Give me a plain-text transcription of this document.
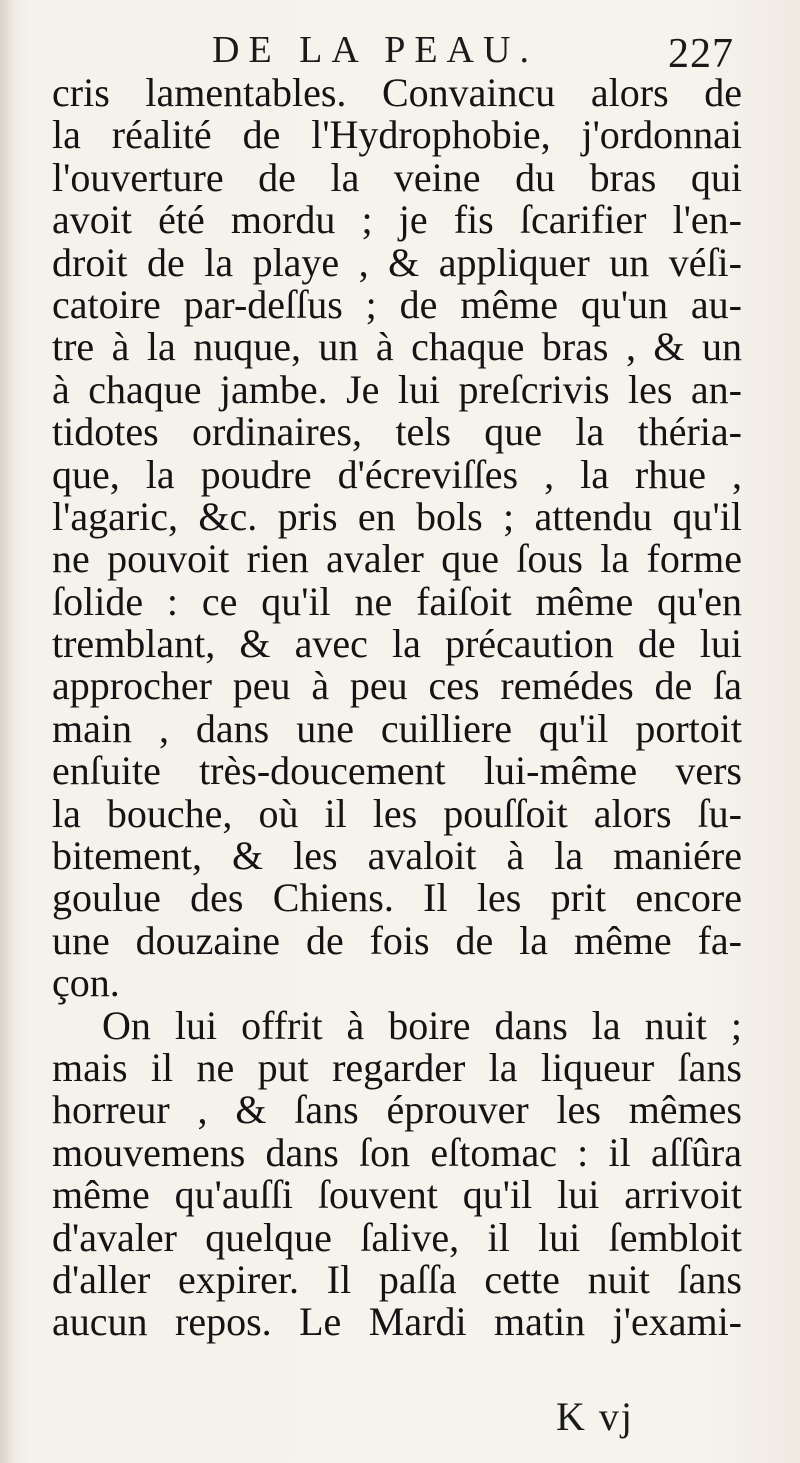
DE LA PEAU.	227
cris lamentables. Convaincu alors de
la réalité de l'Hydrophobie, j'ordonnai
l'ouverture de la veine du bras qui
avoit été mordu ; je fis ſcarifier l'en-
droit de la playe , & appliquer un véſi-
catoire par-deſſus ; de même qu'un au-
tre à la nuque, un à chaque bras , & un
à chaque jambe. Je lui preſcrivis les an-
tidotes ordinaires, tels que la thériа-
que, la poudre d'écreviſſes , la rhue ,
l'agaric, &c. pris en bols ; attendu qu'il
ne pouvoit rien avaler que ſous la forme
ſolide : ce qu'il ne faiſoit même qu'en
tremblant, & avec la précaution de lui
approcher peu à peu ces remédes de ſa
main , dans une cuilliere qu'il portoit
enſuite très-doucement lui-même vers
la bouche, où il les pouſſoit alors ſu-
bitement, & les avaloit à la maniére
goulue des Chiens. Il les prit encore
une douzaine de fois de la même fa-
çon.
On lui offrit à boire dans la nuit ;
mais il ne put regarder la liqueur ſans
horreur , & ſans éprouver les mêmes
mouvemens dans ſon eſtomac : il aſſûra
même qu'auſſi ſouvent qu'il lui arrivoit
d'avaler quelque ſalive, il lui ſembloit
d'aller expirer. Il paſſa cette nuit ſans
aucun repos. Le Mardi matin j'exami-
K vj
